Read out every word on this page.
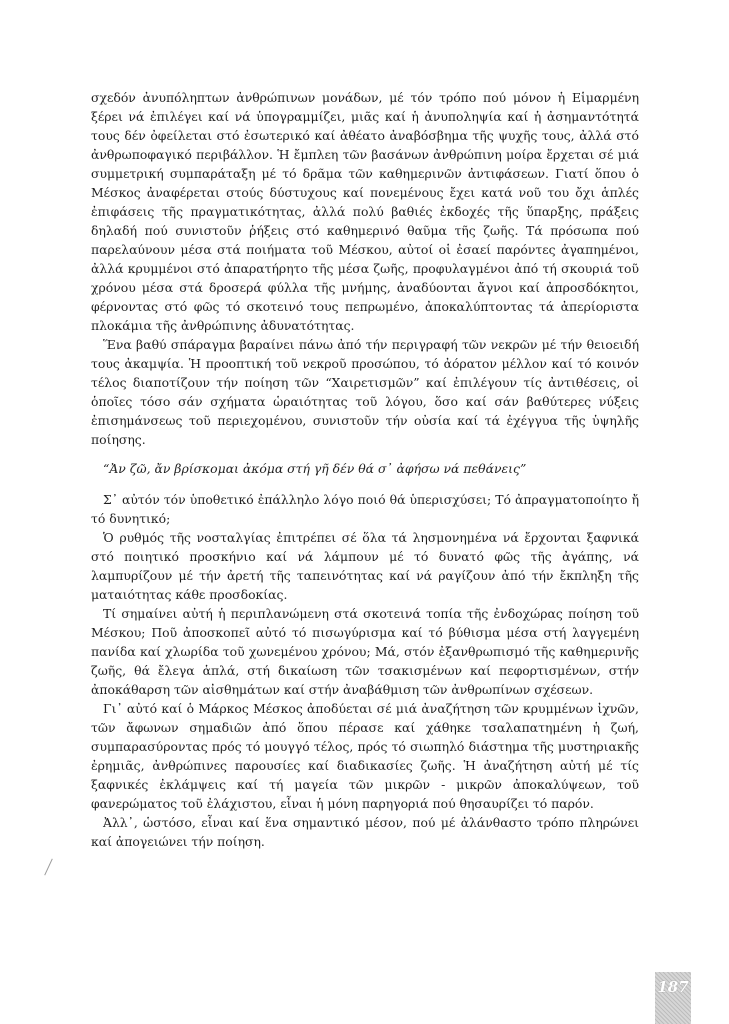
σχεδόν ἀνυπόληπτων ἀνθρώπινων μονάδων, μέ τόν τρόπο πού μόνον ἡ Εἱμαρμένη ξέρει νά ἐπιλέγει καί νά ὑπογραμμίζει, μιᾶς καί ἡ ἀνυποληψία καί ἡ ἀσημαντότητά τους δέν ὀφείλεται στό ἐσωτερικό καί ἀθέατο ἀναβόσβημα τῆς ψυχῆς τους, ἀλλά στό ἀνθρωποφαγικό περιβάλλον. Ἡ ἔμπλεη τῶν βασάνων ἀνθρώπινη μοίρα ἔρχεται σέ μιά συμμετρική συμπαράταξη μέ τό δρᾶμα τῶν καθημερινῶν ἀντιφάσεων. Γιατί ὅπου ὁ Μέσκος ἀναφέρεται στούς δύστυχους καί πονεμένους ἔχει κατά νοῦ του ὄχι ἁπλές ἐπιφάσεις τῆς πραγματικότητας, ἀλλά πολύ βαθιές ἐκδοχές τῆς ὕπαρξης, πράξεις δηλαδή πού συνιστοῦν ῥήξεις στό καθημερινό θαῦμα τῆς ζωῆς. Τά πρόσωπα πού παρελαύνουν μέσα στά ποιήματα τοῦ Μέσκου, αὐτοί οἱ ἐσαεί παρόντες ἀγαπημένοι, ἀλλά κρυμμένοι στό ἀπαρατήρητο τῆς μέσα ζωῆς, προφυλαγμένοι ἀπό τή σκουριά τοῦ χρόνου μέσα στά δροσερά φύλλα τῆς μνήμης, ἀναδύονται ἄγνοι καί ἀπροσδόκητοι, φέρνοντας στό φῶς τό σκοτεινό τους πεπρωμένο, ἀποκαλύπτοντας τά ἀπερίοριστα πλοκάμια τῆς ἀνθρώπινης ἀδυνατότητας.

Ἕνα βαθύ σπάραγμα βαραίνει πάνω ἀπό τήν περιγραφή τῶν νεκρῶν μέ τήν θειοειδή τους ἀκαμψία. Ἡ προοπτική τοῦ νεκροῦ προσώπου, τό ἀόρατον μέλλον καί τό κοινόν τέλος διαποτίζουν τήν ποίηση τῶν “Χαιρετισμῶν” καί ἐπιλέγουν τίς ἀντιθέσεις, οἱ ὁποῖες τόσο σάν σχήματα ὡραιότητας τοῦ λόγου, ὅσο καί σάν βαθύτερες νύξεις ἐπισημάνσεως τοῦ περιεχομένου, συνιστοῦν τήν οὐσία καί τά ἐχέγγυα τῆς ὑψηλῆς ποίησης.

“Ἀν ζῶ, ἄν βρίσκομαι ἀκόμα στή γῆ δέν θά σ᾽ ἀφήσω νά πεθάνεις”

Σ᾽ αὐτόν τόν ὑποθετικό ἐπάλληλο λόγο ποιό θά ὑπερισχύσει; Τό ἀπραγματοποίητο ἤ τό δυνητικό;

Ὁ ρυθμός τῆς νοσταλγίας ἐπιτρέπει σέ ὅλα τά λησμονημένα νά ἔρχονται ξαφνικά στό ποιητικό προσκήνιο καί νά λάμπουν μέ τό δυνατό φῶς τῆς ἀγάπης, νά λαμπυρίζουν μέ τήν ἀρετή τῆς ταπεινότητας καί νά ραγίζουν ἀπό τήν ἔκπληξη τῆς ματαιότητας κάθε προσδοκίας.

Τί σημαίνει αὐτή ἡ περιπλανώμενη στά σκοτεινά τοπία τῆς ἐνδοχώρας ποίηση τοῦ Μέσκου; Ποῦ ἀποσκοπεῖ αὐτό τό πισωγύρισμα καί τό βύθισμα μέσα στή λαγγεμένη πανίδα καί χλωρίδα τοῦ χωνεμένου χρόνου; Μά, στόν ἐξανθρωπισμό τῆς καθημερινῆς ζωῆς, θά ἔλεγα ἁπλά, στή δικαίωση τῶν τσακισμένων καί πεφορτισμένων, στήν ἀποκάθαρση τῶν αἰσθημάτων καί στήν ἀναβάθμιση τῶν ἀνθρωπίνων σχέσεων.

Γι᾽ αὐτό καί ὁ Μάρκος Μέσκος ἀποδύεται σέ μιά ἀναζήτηση τῶν κρυμμένων ἰχνῶν, τῶν ἄφωνων σημαδιῶν ἀπό ὅπου πέρασε καί χάθηκε τσαλαπατημένη ἡ ζωή, συμπαρασύροντας πρός τό μουγγό τέλος, πρός τό σιωπηλό διάστημα τῆς μυστηριακῆς ἐρημιᾶς, ἀνθρώπινες παρουσίες καί διαδικασίες ζωῆς. Ἡ ἀναζήτηση αὐτή μέ τίς ξαφνικές ἐκλάμψεις καί τή μαγεία τῶν μικρῶν - μικρῶν ἀποκαλύψεων, τοῦ φανερώματος τοῦ ἐλάχιστου, εἶναι ἡ μόνη παρηγοριά πού θησαυρίζει τό παρόν.

Ἀλλ᾽, ὡστόσο, εἶναι καί ἕνα σημαντικό μέσον, πού μέ ἀλάνθαστο τρόπο πληρώνει καί ἀπογειώνει τήν ποίηση.

187
